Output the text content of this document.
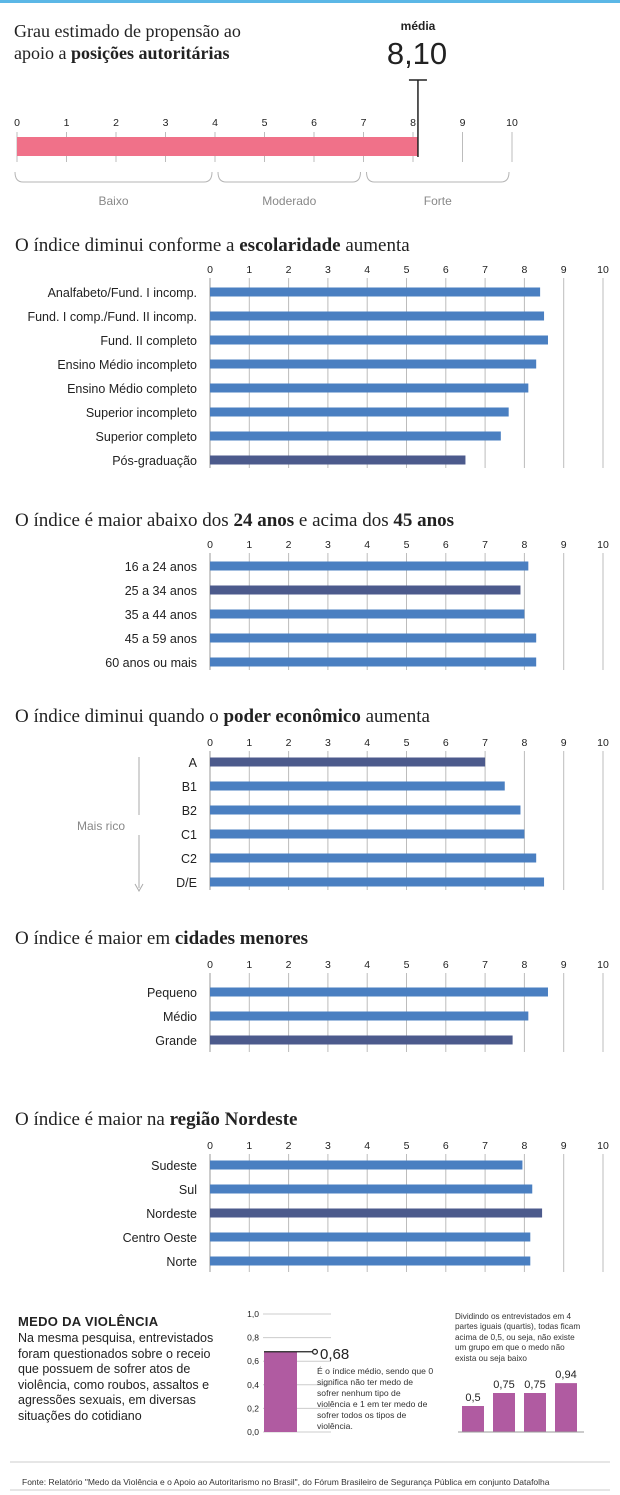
Grau estimado de propensão ao
apoio a posições autoritárias
média
8,10
O índice diminui conforme a escolaridade aumenta
O índice é maior abaixo dos 24 anos e acima dos 45 anos
O índice diminui quando o poder econômico aumenta
O índice é maior em cidades menores
O índice é maior na região Nordeste
0	1	2	3	4	5	6	7	8	9	10
Baixo	Moderado	Forte
0	1	2	3	4	5	6	7	8	9	10
Analfabeto/Fund. I incomp.
Fund. I comp./Fund. II incomp.
Fund. II completo
Ensino Médio incompleto
Ensino Médio completo
Superior incompleto
Superior completo
Pós-graduação
0	1	2	3	4	5	6	7	8	9	10
16 a 24 anos
25 a 34 anos
35 a 44 anos
45 a 59 anos
60 anos ou mais
0	1	2	3	4	5	6	7	8	9	10
A
B1
B2
C1
C2
D/E
Mais rico
0	1	2	3	4	5	6	7	8	9	10
Pequeno
Médio
Grande
0	1	2	3	4	5	6	7	8	9	10
Sudeste
Sul
Nordeste
Centro Oeste
Norte
0,0
0,2
0,4
0,6
0,8
1,0
0,68
0,5
0,75 0,75
0,94
MEDO DA VIOLÊNCIA
Na mesma pesquisa, entrevistados foram questionados sobre o receio que possuem de sofrer atos de violência, como roubos, assaltos e agressões sexuais, em diversas situações do cotidiano
É o índice médio, sendo que 0 significa não ter medo de sofrer nenhum tipo de violência e 1 em ter medo de sofrer todos os tipos de violência.
Dividindo os entrevistados em 4 partes iguais (quartis), todas ficam acima de 0,5, ou seja, não existe um grupo em que o medo não exista ou seja baixo
Fonte: Relatório "Medo da Violência e o Apoio ao Autoritarismo no Brasil", do Fórum Brasileiro de Segurança Pública em conjunto Datafolha
